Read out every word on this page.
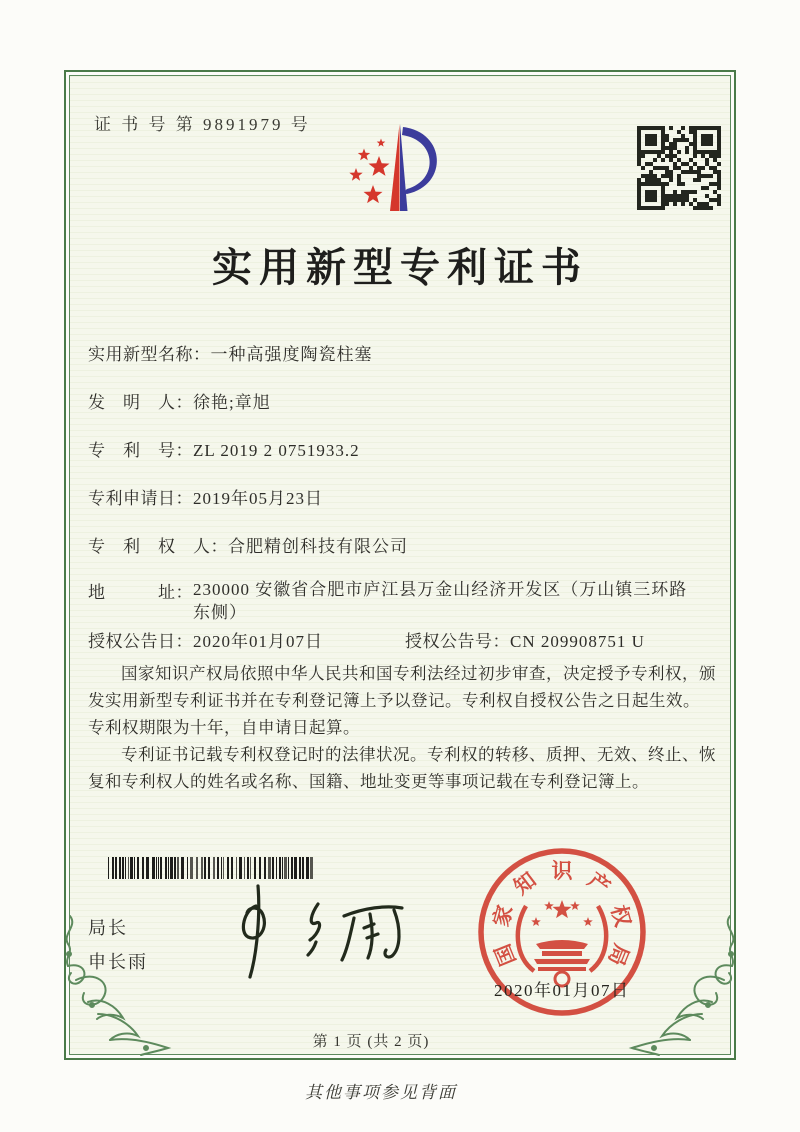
证 书 号 第 9891979 号
实用新型专利证书
实用新型名称：一种高强度陶瓷柱塞
发　明　人：徐艳;章旭
专　利　号：ZL 2019 2 0751933.2
专利申请日：2019年05月23日
专　利　权　人：合肥精创科技有限公司
地　　　址：230000 安徽省合肥市庐江县万金山经济开发区（万山镇三环路东侧）
授权公告日：2020年01月07日	授权公告号：CN 209908751 U

国家知识产权局依照中华人民共和国专利法经过初步审查，决定授予专利权，颁发实用新型专利证书并在专利登记簿上予以登记。专利权自授权公告之日起生效。专利权期限为十年，自申请日起算。

专利证书记载专利权登记时的法律状况。专利权的转移、质押、无效、终止、恢复和专利权人的姓名或名称、国籍、地址变更等事项记载在专利登记簿上。

局长
申长雨	国
家
知 识 产
权
局
2020年01月07日
第 1 页 (共 2 页)
其他事项参见背面
